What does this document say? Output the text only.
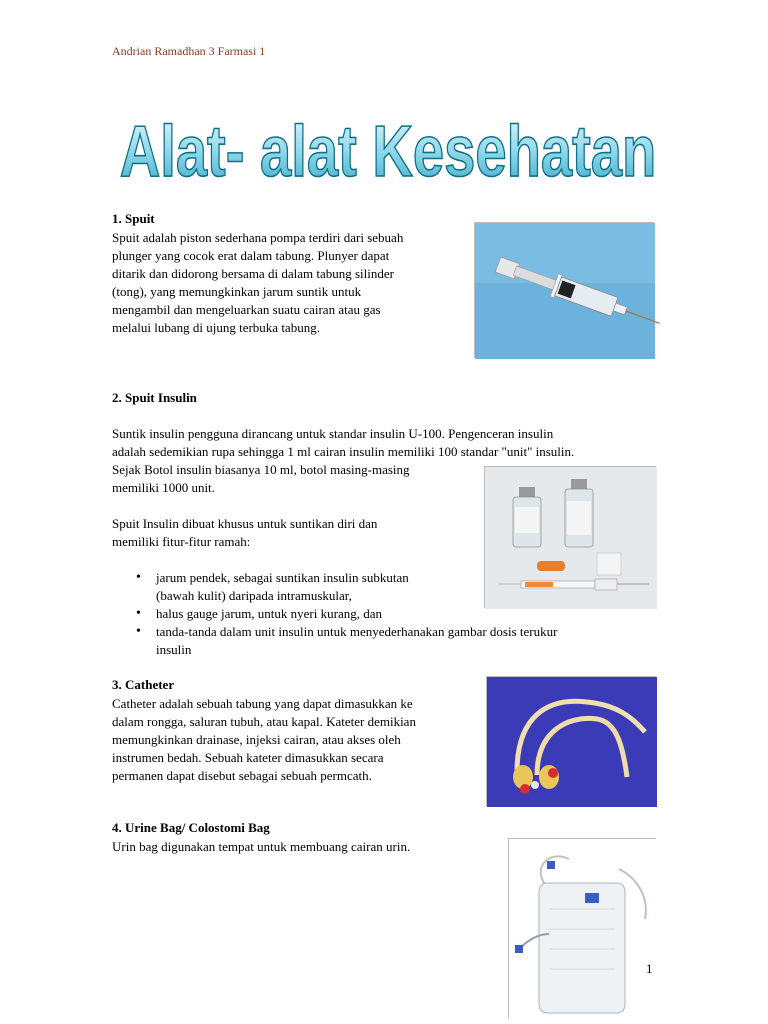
Andrian Ramadhan 3 Farmasi 1
Alat- alat Kesehatan
1. Spuit
Spuit adalah piston sederhana pompa terdiri dari sebuah
plunger yang cocok erat dalam tabung. Plunyer dapat
ditarik dan didorong bersama di dalam tabung silinder
(tong), yang memungkinkan jarum suntik untuk
mengambil dan mengeluarkan suatu cairan atau gas
melalui lubang di ujung terbuka tabung.
2. Spuit Insulin
Suntik insulin pengguna dirancang untuk standar insulin U-100. Pengenceran insulin
adalah sedemikian rupa sehingga 1 ml cairan insulin memiliki 100 standar "unit" insulin.
Sejak Botol insulin biasanya 10 ml, botol masing-masing
memiliki 1000 unit.
Spuit Insulin dibuat khusus untuk suntikan diri dan
memiliki fitur-fitur ramah:
• jarum pendek, sebagai suntikan insulin subkutan
(bawah kulit) daripada intramuskular,
• halus gauge jarum, untuk nyeri kurang, dan
• tanda-tanda dalam unit insulin untuk menyederhanakan gambar dosis terukur
insulin
3. Catheter
Catheter adalah sebuah tabung yang dapat dimasukkan ke
dalam rongga, saluran tubuh, atau kapal. Kateter demikian
memungkinkan drainase, injeksi cairan, atau akses oleh
instrumen bedah. Sebuah kateter dimasukkan secara
permanen dapat disebut sebagai sebuah permcath.
4. Urine Bag/ Colostomi Bag
Urin bag digunakan tempat untuk membuang cairan urin.
1
